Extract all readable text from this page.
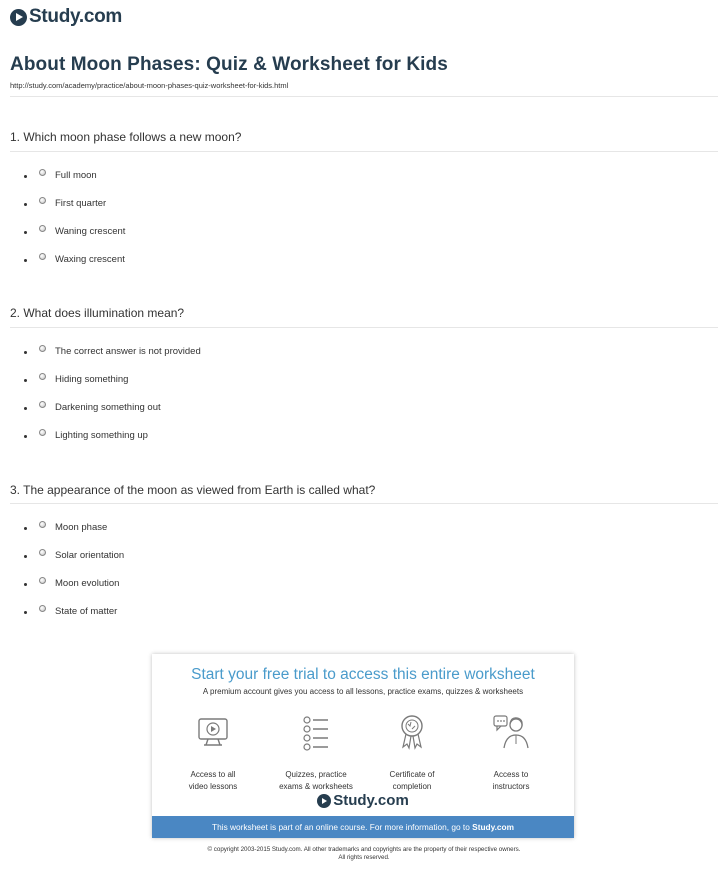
Study.com
About Moon Phases: Quiz & Worksheet for Kids
http://study.com/academy/practice/about-moon-phases-quiz-worksheet-for-kids.html
1. Which moon phase follows a new moon?
Full moon
First quarter
Waning crescent
Waxing crescent
2. What does illumination mean?
The correct answer is not provided
Hiding something
Darkening something out
Lighting something up
3. The appearance of the moon as viewed from Earth is called what?
Moon phase
Solar orientation
Moon evolution
State of matter
Start your free trial to access this entire worksheet
A premium account gives you access to all lessons, practice exams, quizzes & worksheets
Access to all
video lessons
Quizzes, practice
exams & worksheets
Certificate of
completion
Access to
instructors
Study.com
This worksheet is part of an online course. For more information, go to Study.com
© copyright 2003-2015 Study.com. All other trademarks and copyrights are the property of their respective owners.
All rights reserved.
